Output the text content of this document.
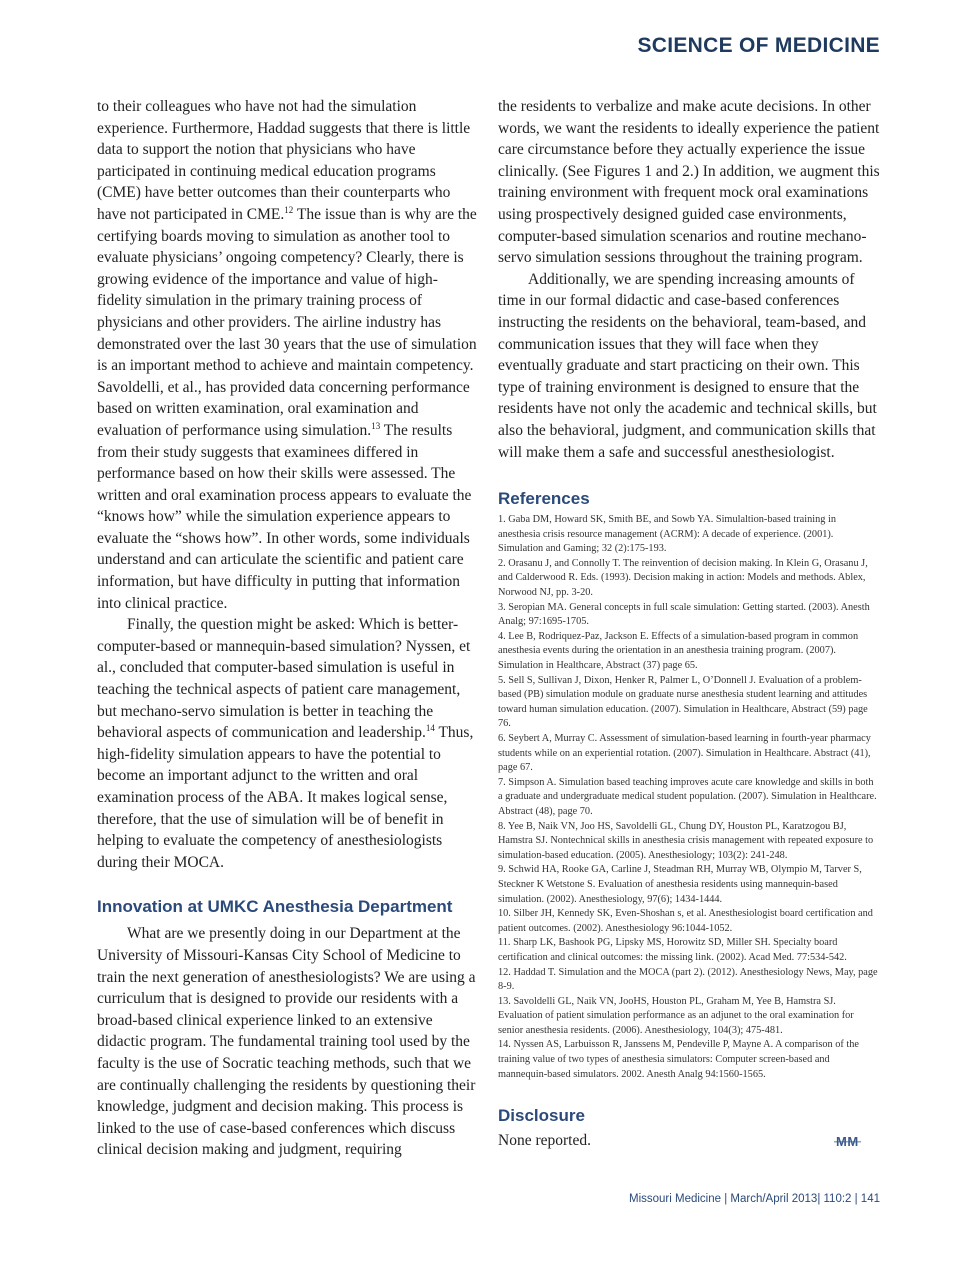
SCIENCE OF MEDICINE

to their colleagues who have not had the simulation experience. Furthermore, Haddad suggests that there is little data to support the notion that physicians who have participated in continuing medical education programs (CME) have better outcomes than their counterparts who have not participated in CME.$^{12}$ The issue than is why are the certifying boards moving to simulation as another tool to evaluate physicians’ ongoing competency? Clearly, there is growing evidence of the importance and value of high-fidelity simulation in the primary training process of physicians and other providers. The airline industry has demonstrated over the last 30 years that the use of simulation is an important method to achieve and maintain competency. Savoldelli, et al., has provided data concerning performance based on written examination, oral examination and evaluation of performance using simulation.$^{13}$ The results from their study suggests that examinees differed in performance based on how their skills were assessed. The written and oral examination process appears to evaluate the “knows how” while the simulation experience appears to evaluate the “shows how”. In other words, some individuals understand and can articulate the scientific and patient care information, but have difficulty in putting that information into clinical practice.

Finally, the question might be asked: Which is better-computer-based or mannequin-based simulation? Nyssen, et al., concluded that computer-based simulation is useful in teaching the technical aspects of patient care management, but mechano-servo simulation is better in teaching the behavioral aspects of communication and leadership.$^{14}$ Thus, high-fidelity simulation appears to have the potential to become an important adjunct to the written and oral examination process of the ABA. It makes logical sense, therefore, that the use of simulation will be of benefit in helping to evaluate the competency of anesthesiologists during their MOCA.

Innovation at UMKC Anesthesia Department

What are we presently doing in our Department at the University of Missouri-Kansas City School of Medicine to train the next generation of anesthesiologists? We are using a curriculum that is designed to provide our residents with a broad-based clinical experience linked to an extensive didactic program. The fundamental training tool used by the faculty is the use of Socratic teaching methods, such that we are continually challenging the residents by questioning their knowledge, judgment and decision making. This process is linked to the use of case-based conferences which discuss clinical decision making and judgment, requiring

the residents to verbalize and make acute decisions. In other words, we want the residents to ideally experience the patient care circumstance before they actually experience the issue clinically. (See Figures 1 and 2.) In addition, we augment this training environment with frequent mock oral examinations using prospectively designed guided case environments, computer-based simulation scenarios and routine mechano-servo simulation sessions throughout the training program.

Additionally, we are spending increasing amounts of time in our formal didactic and case-based conferences instructing the residents on the behavioral, team-based, and communication issues that they will face when they eventually graduate and start practicing on their own. This type of training environment is designed to ensure that the residents have not only the academic and technical skills, but also the behavioral, judgment, and communication skills that will make them a safe and successful anesthesiologist.

References
1. Gaba DM, Howard SK, Smith BE, and Sowb YA. Simulaltion-based training in anesthesia crisis resource management (ACRM): A decade of experience. (2001). Simulation and Gaming; 32 (2):175-193.
2. Orasanu J, and Connolly T. The reinvention of decision making. In Klein G, Orasanu J, and Calderwood R. Eds. (1993). Decision making in action: Models and methods. Ablex, Norwood NJ, pp. 3-20.
3. Seropian MA. General concepts in full scale simulation: Getting started. (2003). Anesth Analg; 97:1695-1705.
4. Lee B, Rodriquez-Paz, Jackson E. Effects of a simulation-based program in common anesthesia events during the orientation in an anesthesia training program. (2007). Simulation in Healthcare, Abstract (37) page 65.
5. Sell S, Sullivan J, Dixon, Henker R, Palmer L, O’Donnell J. Evaluation of a problem-based (PB) simulation module on graduate nurse anesthesia student learning and attitudes toward human simulation education. (2007). Simulation in Healthcare, Abstract (59) page 76.
6. Seybert A, Murray C. Assessment of simulation-based learning in fourth-year pharmacy students while on an experiential rotation. (2007). Simulation in Healthcare. Abstract (41), page 67.
7. Simpson A. Simulation based teaching improves acute care knowledge and skills in both a graduate and undergraduate medical student population. (2007). Simulation in Healthcare. Abstract (48), page 70.
8. Yee B, Naik VN, Joo HS, Savoldelli GL, Chung DY, Houston PL, Karatzogou BJ, Hamstra SJ. Nontechnical skills in anesthesia crisis management with repeated exposure to simulation-based education. (2005). Anesthesiology; 103(2): 241-248.
9. Schwid HA, Rooke GA, Carline J, Steadman RH, Murray WB, Olympio M, Tarver S, Steckner K Wetstone S. Evaluation of anesthesia residents using mannequin-based simulation. (2002). Anesthesiology, 97(6); 1434-1444.
10. Silber JH, Kennedy SK, Even-Shoshan s, et al. Anesthesiologist board certification and patient outcomes. (2002). Anesthesiology 96:1044-1052.
11. Sharp LK, Bashook PG, Lipsky MS, Horowitz SD, Miller SH. Specialty board certification and clinical outcomes: the missing link. (2002). Acad Med. 77:534-542.
12. Haddad T. Simulation and the MOCA (part 2). (2012). Anesthesiology News, May, page 8-9.
13. Savoldelli GL, Naik VN, JooHS, Houston PL, Graham M, Yee B, Hamstra SJ. Evaluation of patient simulation performance as an adjunet to the oral examination for senior anesthesia residents. (2006). Anesthesiology, 104(3); 475-481.
14. Nyssen AS, Larbuisson R, Janssens M, Pendeville P, Mayne A. A comparison of the training value of two types of anesthesia simulators: Computer screen-based and mannequin-based simulators. 2002. Anesth Analg 94:1560-1565.
Disclosure

None reported.	MM
Missouri Medicine | March/April 2013| 110:2 | 141
